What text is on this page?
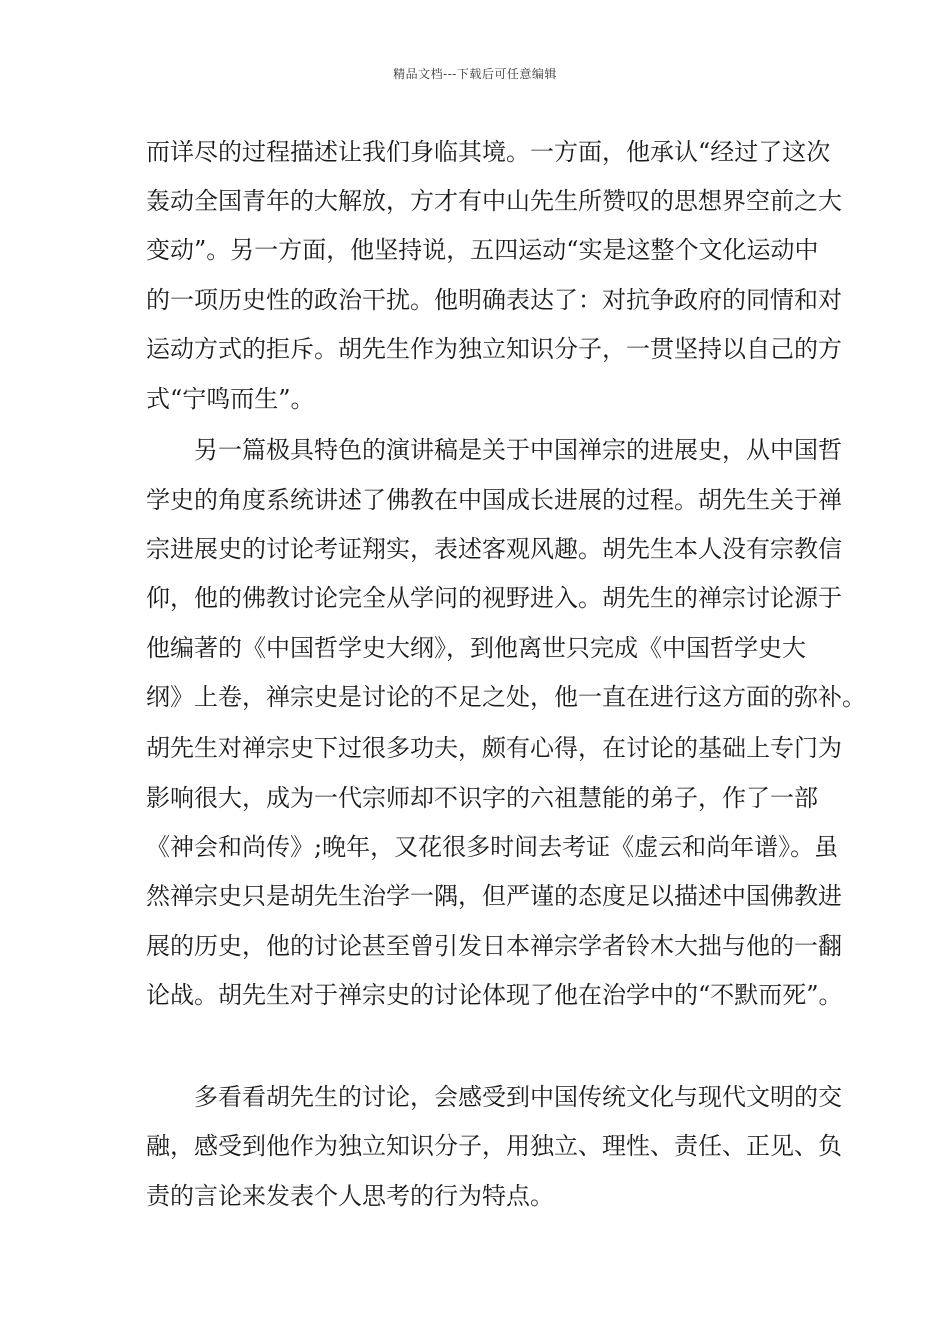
精品文档---下载后可任意编辑
而详尽的过程描述让我们身临其境。一方面，他承认“经过了这次
轰动全国青年的大解放，方才有中山先生所赞叹的思想界空前之大
变动”。另一方面，他坚持说，五四运动“实是这整个文化运动中
的一项历史性的政治干扰。他明确表达了：对抗争政府的同情和对
运动方式的拒斥。胡先生作为独立知识分子，一贯坚持以自己的方
式“宁鸣而生”。
另一篇极具特色的演讲稿是关于中国禅宗的进展史，从中国哲
学史的角度系统讲述了佛教在中国成长进展的过程。胡先生关于禅
宗进展史的讨论考证翔实，表述客观风趣。胡先生本人没有宗教信
仰，他的佛教讨论完全从学问的视野进入。胡先生的禅宗讨论源于
他编著的《中国哲学史大纲》，到他离世只完成《中国哲学史大
纲》上卷，禅宗史是讨论的不足之处，他一直在进行这方面的弥补。
胡先生对禅宗史下过很多功夫，颇有心得，在讨论的基础上专门为
影响很大，成为一代宗师却不识字的六祖慧能的弟子，作了一部
《神会和尚传》;晚年，又花很多时间去考证《虚云和尚年谱》。虽
然禅宗史只是胡先生治学一隅，但严谨的态度足以描述中国佛教进
展的历史，他的讨论甚至曾引发日本禅宗学者铃木大拙与他的一翻
论战。胡先生对于禅宗史的讨论体现了他在治学中的“不默而死”。
多看看胡先生的讨论，会感受到中国传统文化与现代文明的交
融，感受到他作为独立知识分子，用独立、理性、责任、正见、负
责的言论来发表个人思考的行为特点。
